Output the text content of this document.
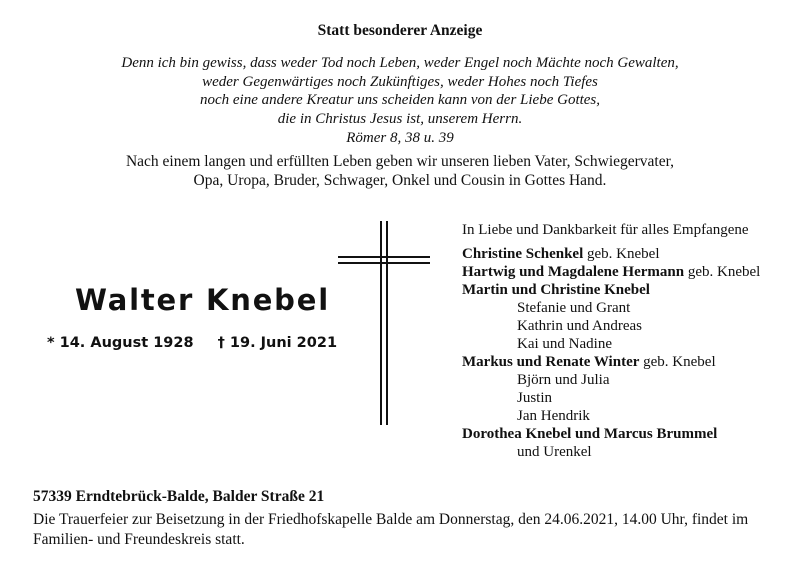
Statt besonderer Anzeige
Denn ich bin gewiss, dass weder Tod noch Leben, weder Engel noch Mächte noch Gewalten,
weder Gegenwärtiges noch Zukünftiges, weder Hohes noch Tiefes
noch eine andere Kreatur uns scheiden kann von der Liebe Gottes,
die in Christus Jesus ist, unserem Herrn.
Römer 8, 38 u. 39
Nach einem langen und erfüllten Leben geben wir unseren lieben Vater, Schwiegervater,
Opa, Uropa, Bruder, Schwager, Onkel und Cousin in Gottes Hand.
Walter Knebel
* 14. August 1928 † 19. Juni 2021
In Liebe und Dankbarkeit für alles Empfangene
Christine Schenkel geb. Knebel
Hartwig und Magdalene Hermann geb. Knebel
Martin und Christine Knebel
Stefanie und Grant
Kathrin und Andreas
Kai und Nadine
Markus und Renate Winter geb. Knebel
Björn und Julia
Justin
Jan Hendrik
Dorothea Knebel und Marcus Brummel
und Urenkel
57339 Erndtebrück-Balde, Balder Straße 21
Die Trauerfeier zur Beisetzung in der Friedhofskapelle Balde am Donnerstag, den 24.06.2021, 14.00 Uhr, findet im Familien- und Freundeskreis statt.
